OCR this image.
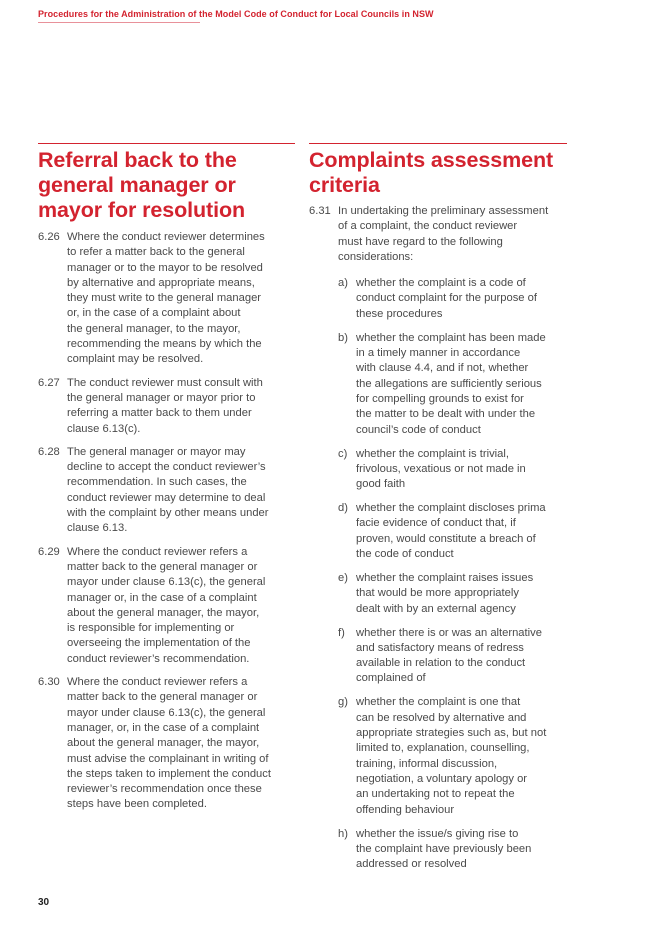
Procedures for the Administration of the Model Code of Conduct for Local Councils in NSW
Referral back to the
general manager or
mayor for resolution
6.26 Where the conduct reviewer determines
to refer a matter back to the general
manager or to the mayor to be resolved
by alternative and appropriate means,
they must write to the general manager
or, in the case of a complaint about
the general manager, to the mayor,
recommending the means by which the
complaint may be resolved.
6.27 The conduct reviewer must consult with
the general manager or mayor prior to
referring a matter back to them under
clause 6.13(c).
6.28 The general manager or mayor may
decline to accept the conduct reviewer’s
recommendation. In such cases, the
conduct reviewer may determine to deal
with the complaint by other means under
clause 6.13.
6.29 Where the conduct reviewer refers a
matter back to the general manager or
mayor under clause 6.13(c), the general
manager or, in the case of a complaint
about the general manager, the mayor,
is responsible for implementing or
overseeing the implementation of the
conduct reviewer’s recommendation.
6.30 Where the conduct reviewer refers a
matter back to the general manager or
mayor under clause 6.13(c), the general
manager, or, in the case of a complaint
about the general manager, the mayor,
must advise the complainant in writing of
the steps taken to implement the conduct
reviewer’s recommendation once these
steps have been completed.
Complaints assessment
criteria
6.31 In undertaking the preliminary assessment
of a complaint, the conduct reviewer
must have regard to the following
considerations:
a) whether the complaint is a code of
conduct complaint for the purpose of
these procedures
b) whether the complaint has been made
in a timely manner in accordance
with clause 4.4, and if not, whether
the allegations are sufficiently serious
for compelling grounds to exist for
the matter to be dealt with under the
council’s code of conduct
c) whether the complaint is trivial,
frivolous, vexatious or not made in
good faith
d) whether the complaint discloses prima
facie evidence of conduct that, if
proven, would constitute a breach of
the code of conduct
e) whether the complaint raises issues
that would be more appropriately
dealt with by an external agency
f) whether there is or was an alternative
and satisfactory means of redress
available in relation to the conduct
complained of
g) whether the complaint is one that
can be resolved by alternative and
appropriate strategies such as, but not
limited to, explanation, counselling,
training, informal discussion,
negotiation, a voluntary apology or
an undertaking not to repeat the
offending behaviour
h) whether the issue/s giving rise to
the complaint have previously been
addressed or resolved
30
